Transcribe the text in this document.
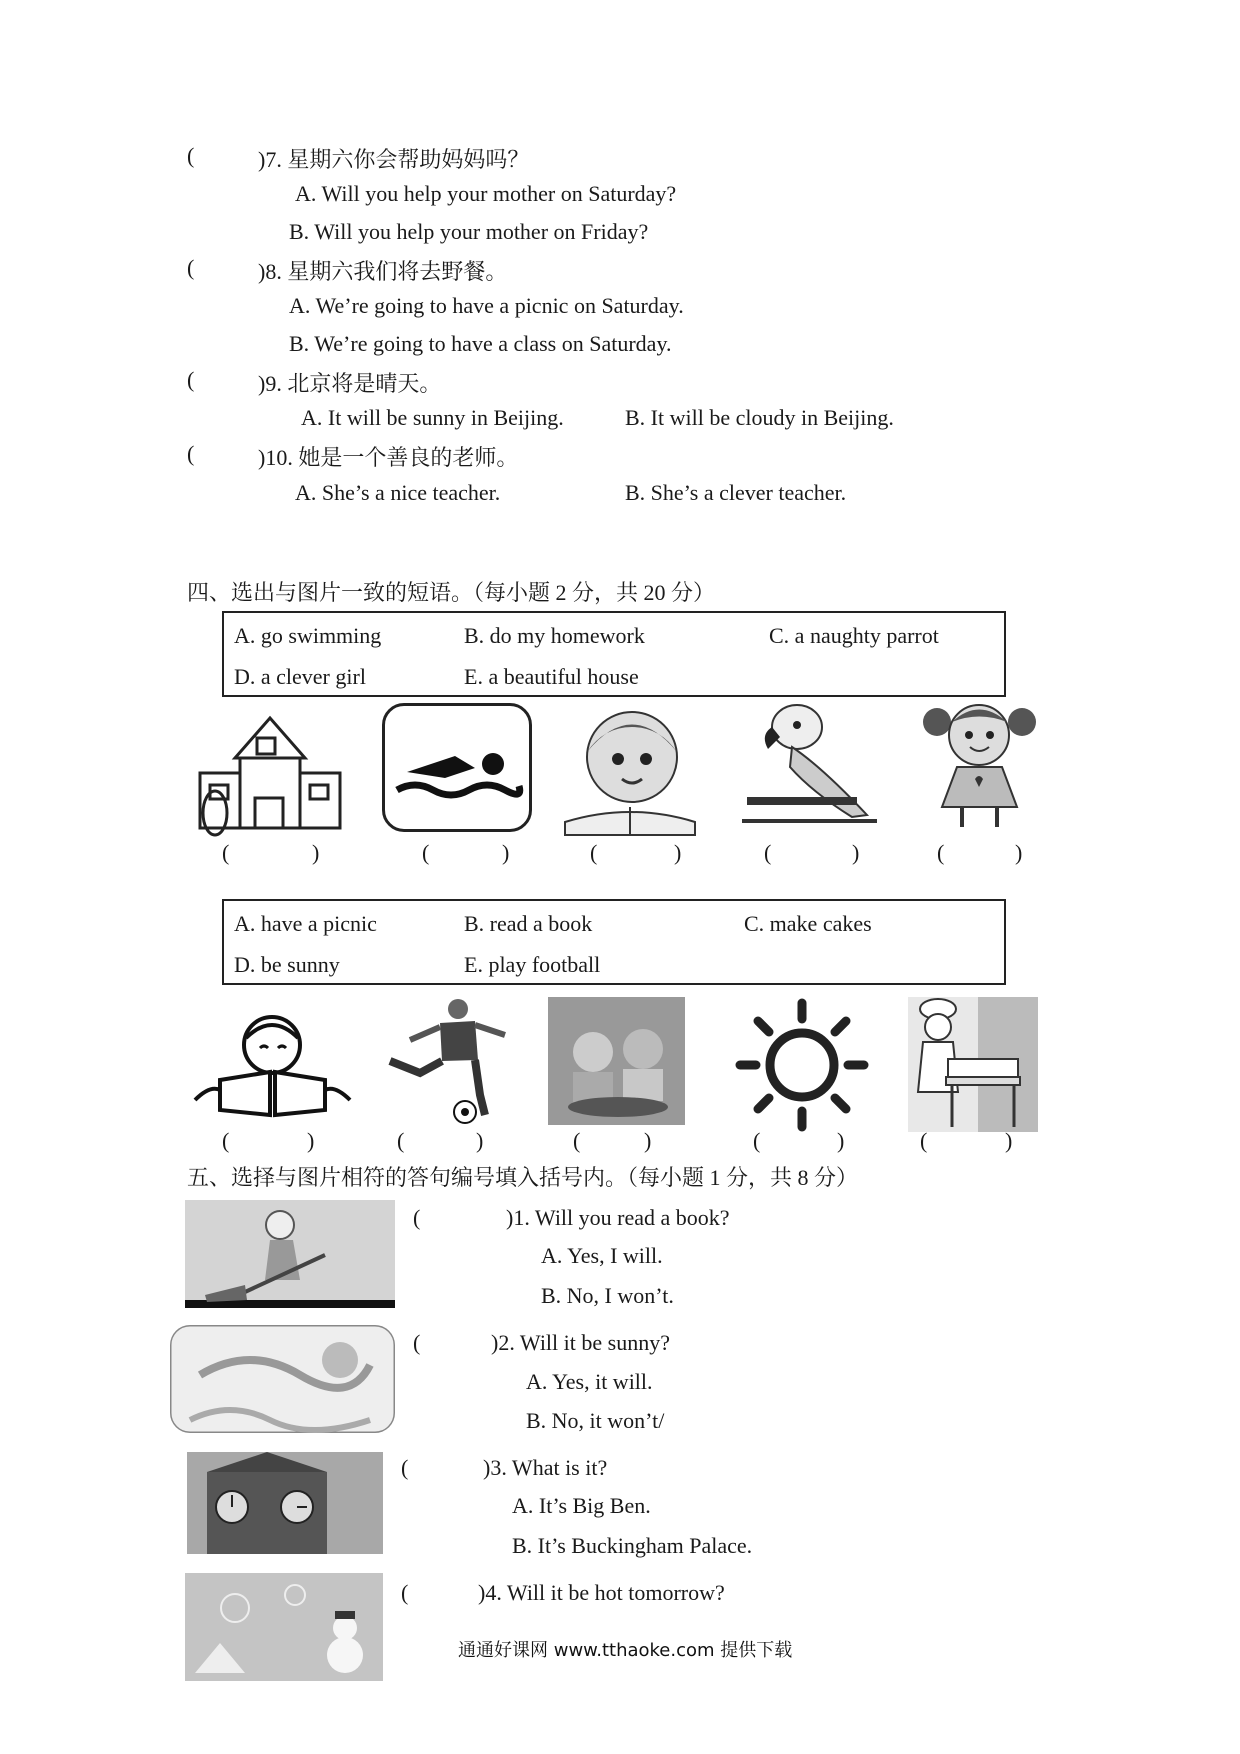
(	)7. 星期六你会帮助妈妈吗？
A. Will you help your mother on Saturday?
B. Will you help your mother on Friday?
(	)8. 星期六我们将去野餐。
A. We’re going to have a picnic on Saturday.
B. We’re going to have a class on Saturday.
(	)9. 北京将是晴天。
A. It will be sunny in Beijing.	B. It will be cloudy in Beijing.
(	)10. 她是一个善良的老师。
A. She’s a nice teacher.	B. She’s a clever teacher.
四、选出与图片一致的短语。（每小题 2 分，共 20 分）
A. go swimming	B. do my homework	C. a naughty parrot
D. a clever girl	E. a beautiful house
(	)	(	)	(	)	(	)	(	)
A. have a picnic	B. read a book	C. make cakes
D. be sunny	E. play football
(	)	(	)	(	)	(	)	(	)
五、选择与图片相符的答句编号填入括号内。（每小题 1 分，共 8 分）
(	)1. Will you read a book?
A. Yes, I will.
B. No, I won’t.
(	)2. Will it be sunny?
A. Yes, it will.
B. No, it won’t/
(	)3. What is it?
A. It’s Big Ben.
B. It’s Buckingham Palace.
(	)4. Will it be hot tomorrow?
通通好课网 www.tthaoke.com 提供下载
